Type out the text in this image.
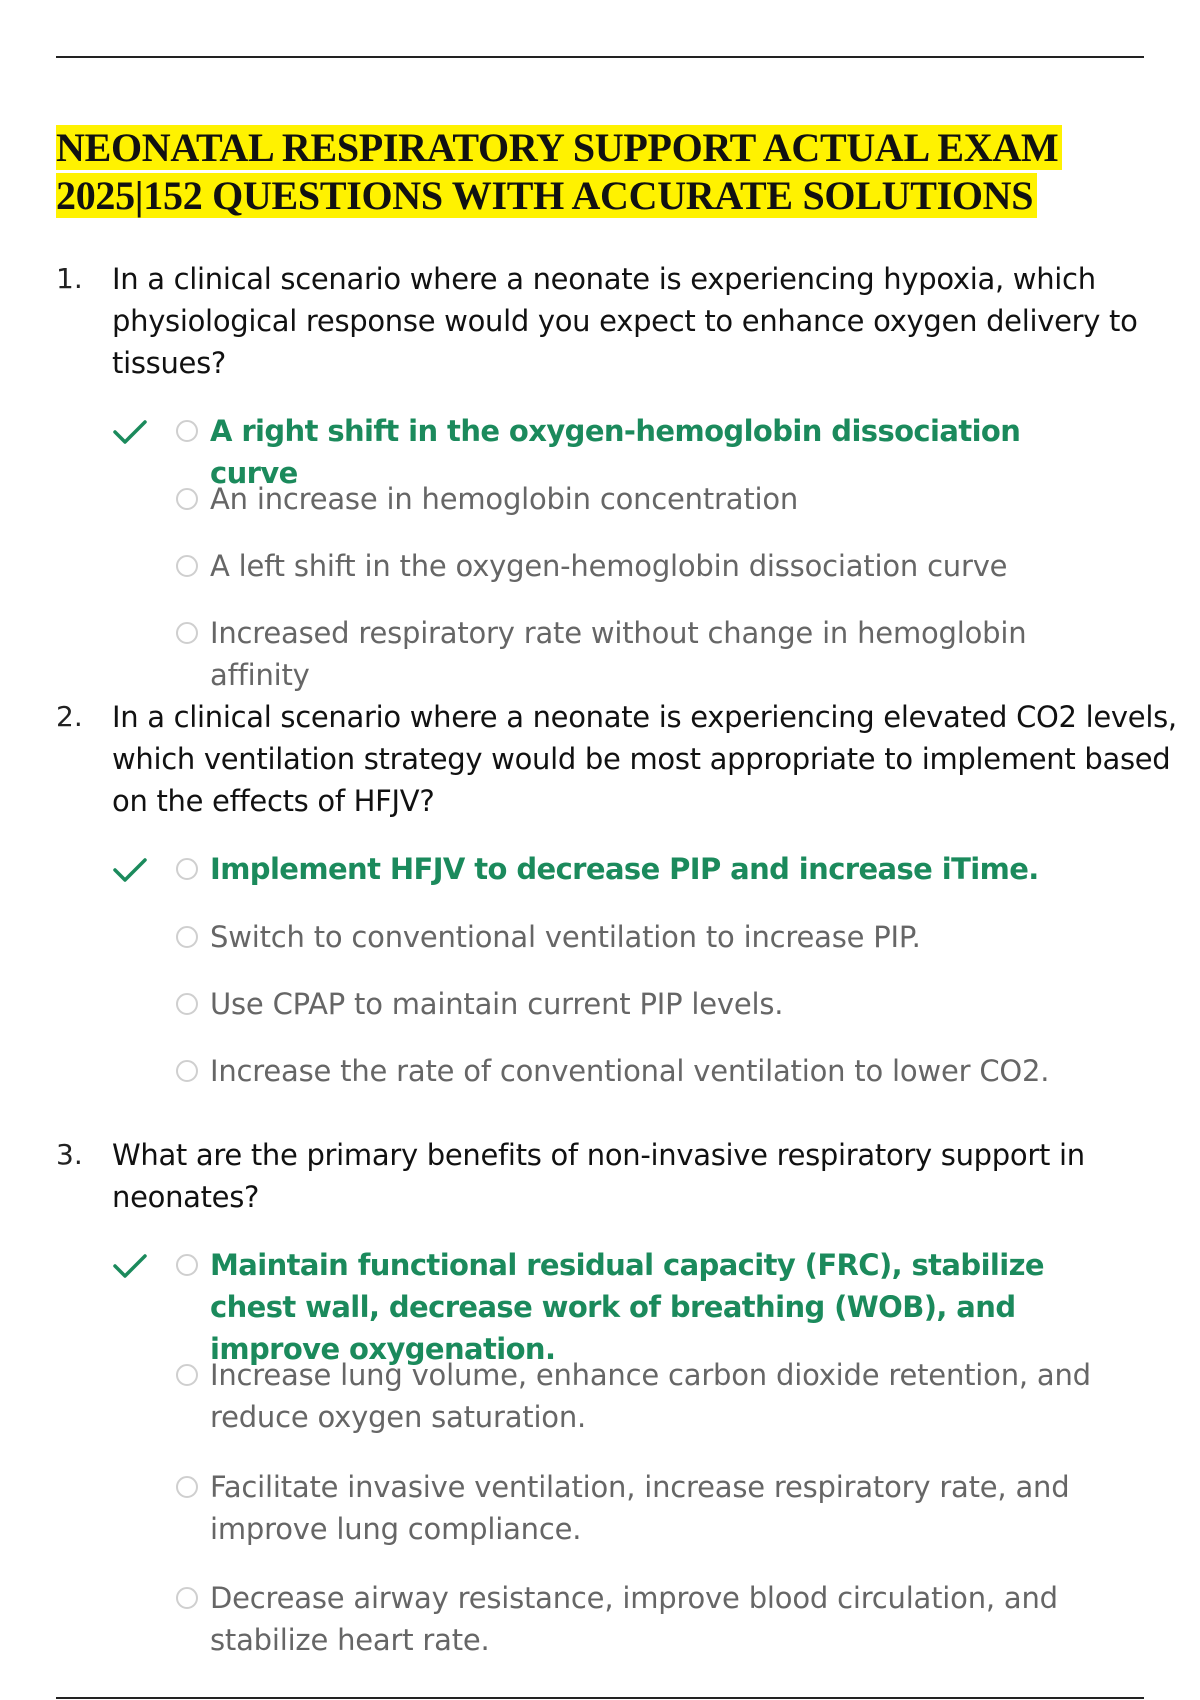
NEONATAL RESPIRATORY SUPPORT ACTUAL EXAM
2025|152 QUESTIONS WITH ACCURATE SOLUTIONS
1. In a clinical scenario where a neonate is experiencing hypoxia, which physiological response would you expect to enhance oxygen delivery to tissues?
A right shift in the oxygen-hemoglobin dissociation curve
An increase in hemoglobin concentration
A left shift in the oxygen-hemoglobin dissociation curve
Increased respiratory rate without change in hemoglobin affinity
2. In a clinical scenario where a neonate is experiencing elevated CO2 levels, which ventilation strategy would be most appropriate to implement based on the effects of HFJV?
Implement HFJV to decrease PIP and increase iTime.
Switch to conventional ventilation to increase PIP.
Use CPAP to maintain current PIP levels.
Increase the rate of conventional ventilation to lower CO2.
3. What are the primary benefits of non-invasive respiratory support in neonates?
Maintain functional residual capacity (FRC), stabilize chest wall, decrease work of breathing (WOB), and improve oxygenation.
Increase lung volume, enhance carbon dioxide retention, and reduce oxygen saturation.
Facilitate invasive ventilation, increase respiratory rate, and improve lung compliance.
Decrease airway resistance, improve blood circulation, and stabilize heart rate.
